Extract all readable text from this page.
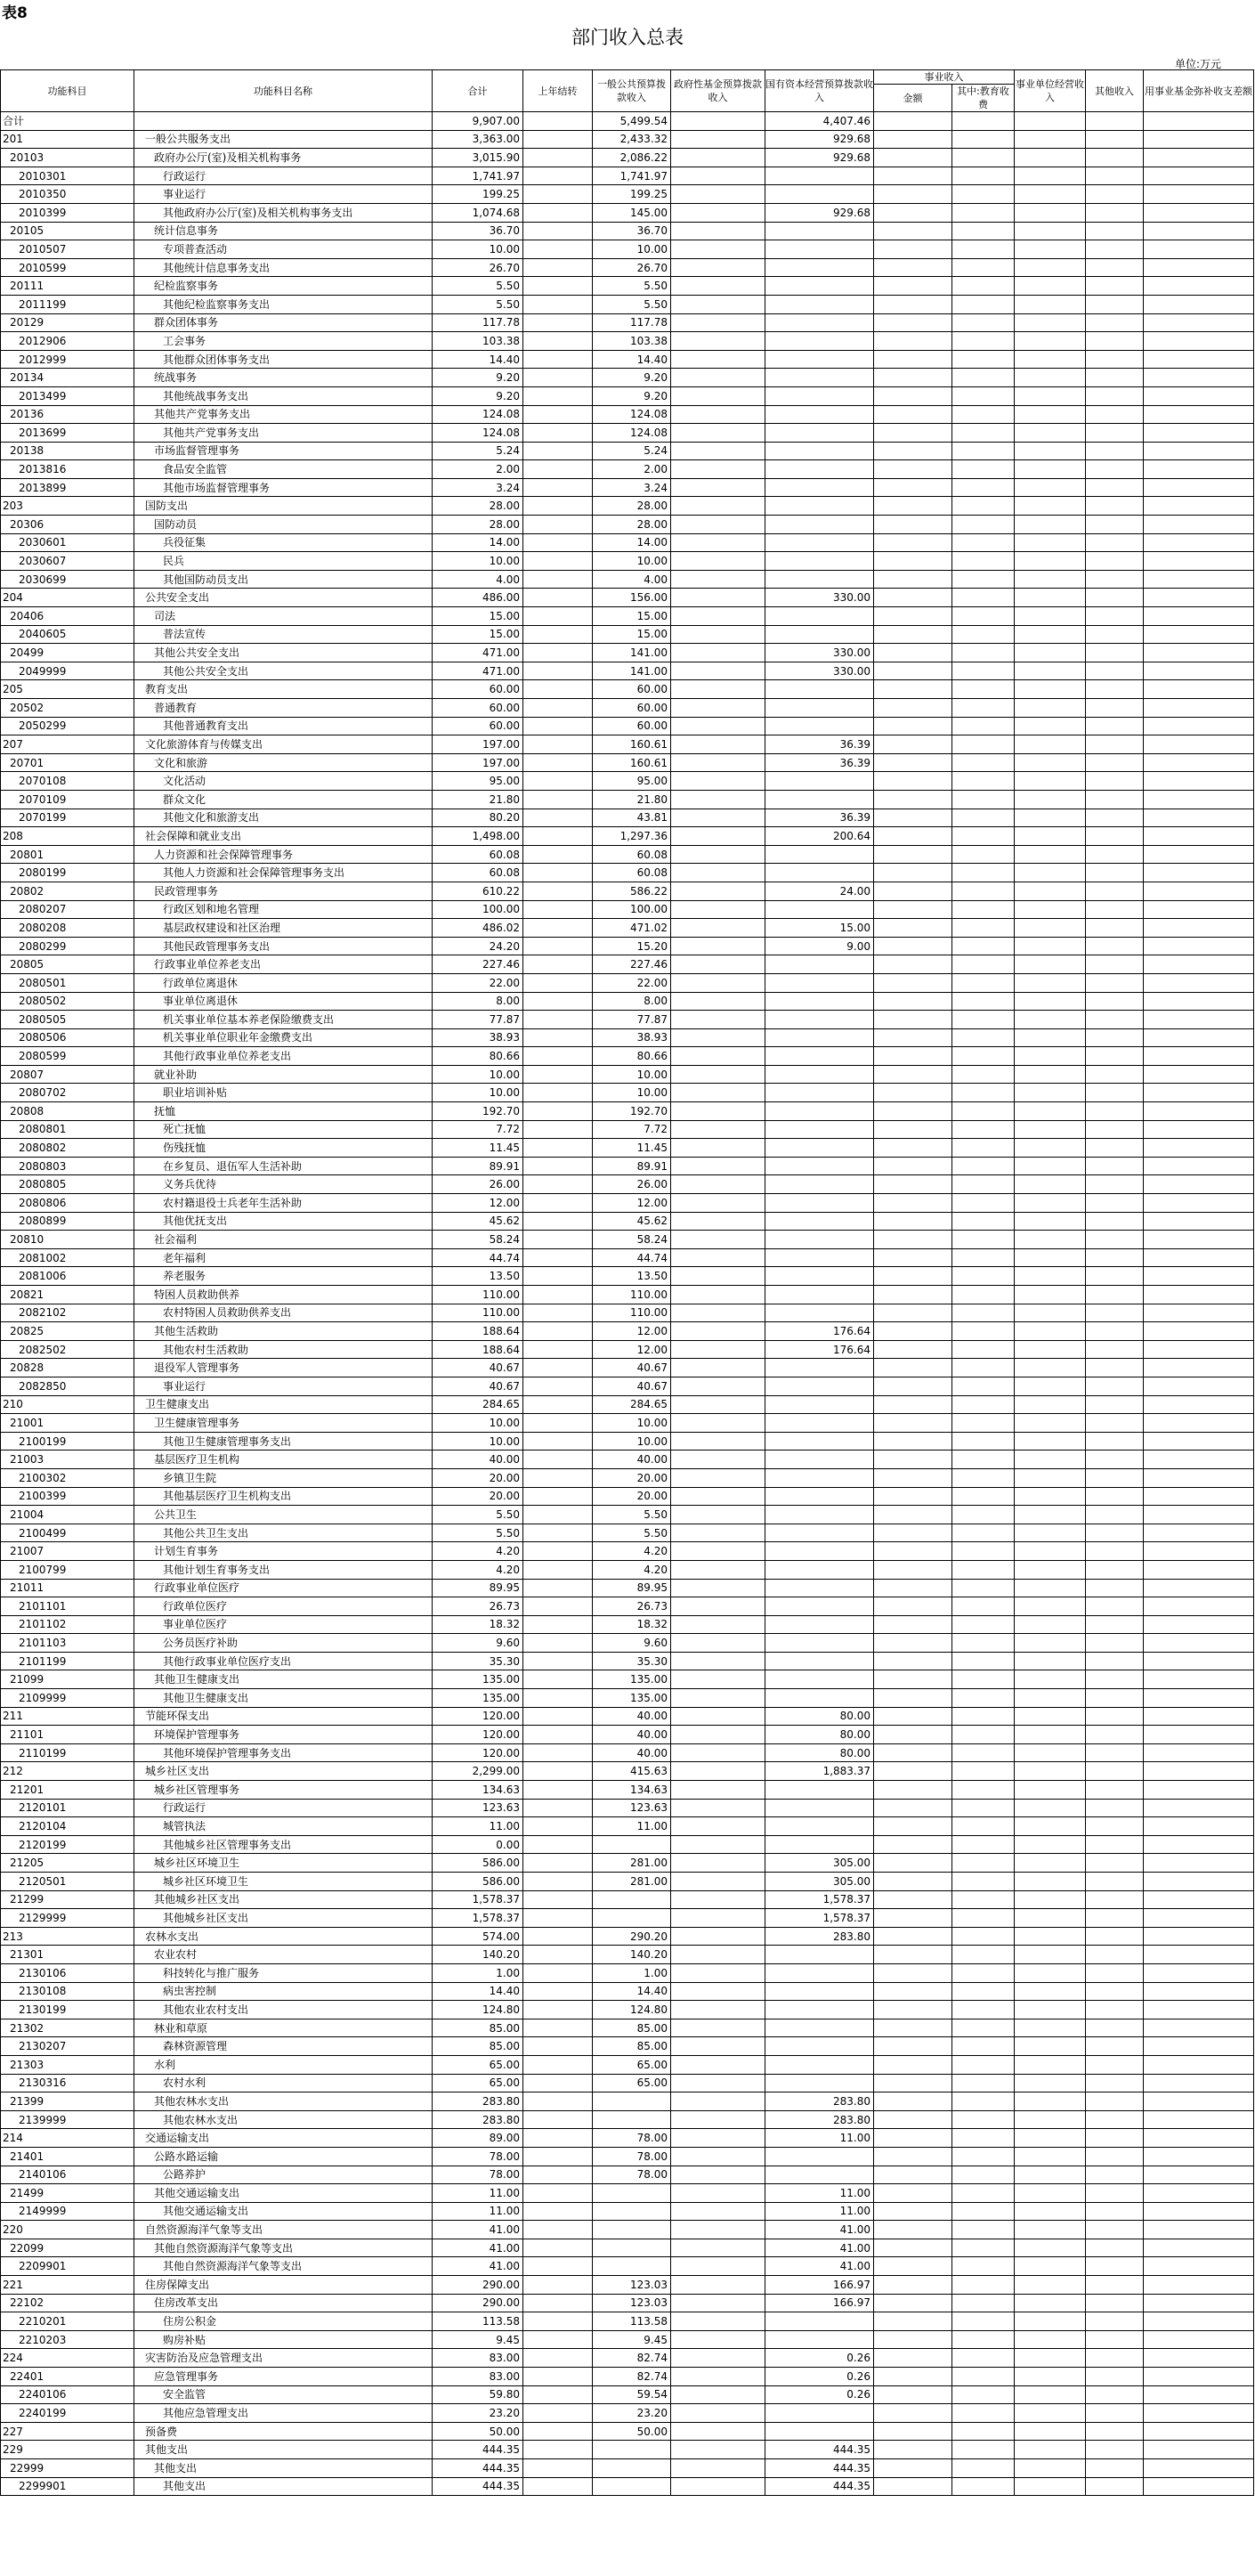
表8
部门收入总表
单位:万元
功能科目	功能科目名称	合计	上年结转	一般公共预算拨款收入	政府性基金预算拨款收入	国有资本经营预算拨款收入	事业收入		事业单位经营收入	其他收入	用事业基金弥补收支差额
							金额	其中:教育收费			
合计		9,907.00		5,499.54		4,407.46					
201	一般公共服务支出	3,363.00		2,433.32		929.68					
20103	政府办公厅(室)及相关机构事务	3,015.90		2,086.22		929.68					
2010301	行政运行	1,741.97		1,741.97							
2010350	事业运行	199.25		199.25							
2010399	其他政府办公厅(室)及相关机构事务支出	1,074.68		145.00		929.68					
20105	统计信息事务	36.70		36.70							
2010507	专项普查活动	10.00		10.00							
2010599	其他统计信息事务支出	26.70		26.70							
20111	纪检监察事务	5.50		5.50							
2011199	其他纪检监察事务支出	5.50		5.50							
20129	群众团体事务	117.78		117.78							
2012906	工会事务	103.38		103.38							
2012999	其他群众团体事务支出	14.40		14.40							
20134	统战事务	9.20		9.20							
2013499	其他统战事务支出	9.20		9.20							
20136	其他共产党事务支出	124.08		124.08							
2013699	其他共产党事务支出	124.08		124.08							
20138	市场监督管理事务	5.24		5.24							
2013816	食品安全监管	2.00		2.00							
2013899	其他市场监督管理事务	3.24		3.24							
203	国防支出	28.00		28.00							
20306	国防动员	28.00		28.00							
2030601	兵役征集	14.00		14.00							
2030607	民兵	10.00		10.00							
2030699	其他国防动员支出	4.00		4.00							
204	公共安全支出	486.00		156.00		330.00					
20406	司法	15.00		15.00							
2040605	普法宣传	15.00		15.00							
20499	其他公共安全支出	471.00		141.00		330.00					
2049999	其他公共安全支出	471.00		141.00		330.00					
205	教育支出	60.00		60.00							
20502	普通教育	60.00		60.00							
2050299	其他普通教育支出	60.00		60.00							
207	文化旅游体育与传媒支出	197.00		160.61		36.39					
20701	文化和旅游	197.00		160.61		36.39					
2070108	文化活动	95.00		95.00							
2070109	群众文化	21.80		21.80							
2070199	其他文化和旅游支出	80.20		43.81		36.39					
208	社会保障和就业支出	1,498.00		1,297.36		200.64					
20801	人力资源和社会保障管理事务	60.08		60.08							
2080199	其他人力资源和社会保障管理事务支出	60.08		60.08							
20802	民政管理事务	610.22		586.22		24.00					
2080207	行政区划和地名管理	100.00		100.00							
2080208	基层政权建设和社区治理	486.02		471.02		15.00					
2080299	其他民政管理事务支出	24.20		15.20		9.00					
20805	行政事业单位养老支出	227.46		227.46							
2080501	行政单位离退休	22.00		22.00							
2080502	事业单位离退休	8.00		8.00							
2080505	机关事业单位基本养老保险缴费支出	77.87		77.87							
2080506	机关事业单位职业年金缴费支出	38.93		38.93							
2080599	其他行政事业单位养老支出	80.66		80.66							
20807	就业补助	10.00		10.00							
2080702	职业培训补贴	10.00		10.00							
20808	抚恤	192.70		192.70							
2080801	死亡抚恤	7.72		7.72							
2080802	伤残抚恤	11.45		11.45							
2080803	在乡复员、退伍军人生活补助	89.91		89.91							
2080805	义务兵优待	26.00		26.00							
2080806	农村籍退役士兵老年生活补助	12.00		12.00							
2080899	其他优抚支出	45.62		45.62							
20810	社会福利	58.24		58.24							
2081002	老年福利	44.74		44.74							
2081006	养老服务	13.50		13.50							
20821	特困人员救助供养	110.00		110.00							
2082102	农村特困人员救助供养支出	110.00		110.00							
20825	其他生活救助	188.64		12.00		176.64					
2082502	其他农村生活救助	188.64		12.00		176.64					
20828	退役军人管理事务	40.67		40.67							
2082850	事业运行	40.67		40.67							
210	卫生健康支出	284.65		284.65							
21001	卫生健康管理事务	10.00		10.00							
2100199	其他卫生健康管理事务支出	10.00		10.00							
21003	基层医疗卫生机构	40.00		40.00							
2100302	乡镇卫生院	20.00		20.00							
2100399	其他基层医疗卫生机构支出	20.00		20.00							
21004	公共卫生	5.50		5.50							
2100499	其他公共卫生支出	5.50		5.50							
21007	计划生育事务	4.20		4.20							
2100799	其他计划生育事务支出	4.20		4.20							
21011	行政事业单位医疗	89.95		89.95							
2101101	行政单位医疗	26.73		26.73							
2101102	事业单位医疗	18.32		18.32							
2101103	公务员医疗补助	9.60		9.60							
2101199	其他行政事业单位医疗支出	35.30		35.30							
21099	其他卫生健康支出	135.00		135.00							
2109999	其他卫生健康支出	135.00		135.00							
211	节能环保支出	120.00		40.00		80.00					
21101	环境保护管理事务	120.00		40.00		80.00					
2110199	其他环境保护管理事务支出	120.00		40.00		80.00					
212	城乡社区支出	2,299.00		415.63		1,883.37					
21201	城乡社区管理事务	134.63		134.63							
2120101	行政运行	123.63		123.63							
2120104	城管执法	11.00		11.00							
2120199	其他城乡社区管理事务支出	0.00									
21205	城乡社区环境卫生	586.00		281.00		305.00					
2120501	城乡社区环境卫生	586.00		281.00		305.00					
21299	其他城乡社区支出	1,578.37				1,578.37					
2129999	其他城乡社区支出	1,578.37				1,578.37					
213	农林水支出	574.00		290.20		283.80					
21301	农业农村	140.20		140.20							
2130106	科技转化与推广服务	1.00		1.00							
2130108	病虫害控制	14.40		14.40							
2130199	其他农业农村支出	124.80		124.80							
21302	林业和草原	85.00		85.00							
2130207	森林资源管理	85.00		85.00							
21303	水利	65.00		65.00							
2130316	农村水利	65.00		65.00							
21399	其他农林水支出	283.80				283.80					
2139999	其他农林水支出	283.80				283.80					
214	交通运输支出	89.00		78.00		11.00					
21401	公路水路运输	78.00		78.00							
2140106	公路养护	78.00		78.00							
21499	其他交通运输支出	11.00				11.00					
2149999	其他交通运输支出	11.00				11.00					
220	自然资源海洋气象等支出	41.00				41.00					
22099	其他自然资源海洋气象等支出	41.00				41.00					
2209901	其他自然资源海洋气象等支出	41.00				41.00					
221	住房保障支出	290.00		123.03		166.97					
22102	住房改革支出	290.00		123.03		166.97					
2210201	住房公积金	113.58		113.58							
2210203	购房补贴	9.45		9.45							
224	灾害防治及应急管理支出	83.00		82.74		0.26					
22401	应急管理事务	83.00		82.74		0.26					
2240106	安全监管	59.80		59.54		0.26					
2240199	其他应急管理支出	23.20		23.20							
227	预备费	50.00		50.00							
229	其他支出	444.35				444.35					
22999	其他支出	444.35				444.35					
2299901	其他支出	444.35				444.35					
